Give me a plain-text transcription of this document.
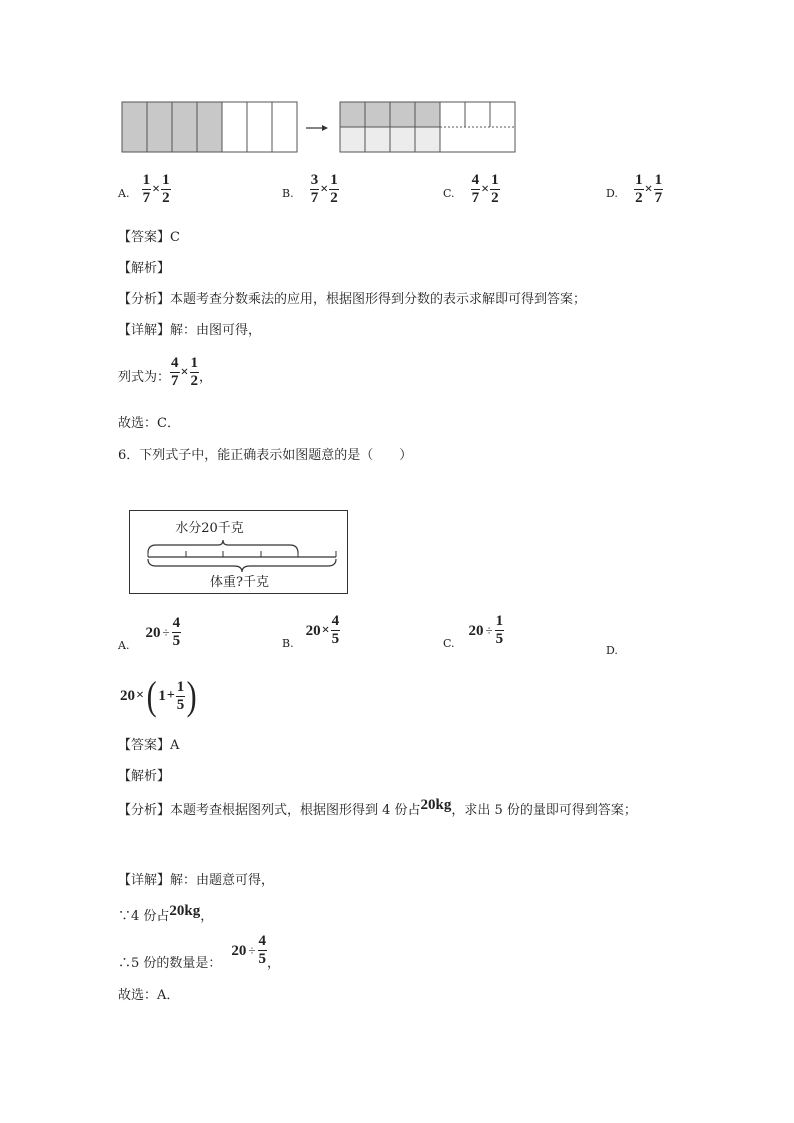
$_{A.} \frac{1}{7} \times \frac{1}{2}$	$_{B.} \frac{3}{7} \times \frac{1}{2}$	$_{C.} \frac{4}{7} \times \frac{1}{2}$	$_{D.} \frac{1}{2} \times \frac{1}{7}$
【答案】C
【解析】
【分析】本题考查分数乘法的应用，根据图形得到分数的表示求解即可得到答案；
【详解】解：由图可得，
列式为： $\frac{4}{7} \times \frac{1}{2}$ ，
故选：C．
6．下列式子中，能正确表示如图题意的是（　　）
水分20千克
体重?千克
A.
$20 \div \frac{4}{5}$	B.
$20 \times \frac{4}{5}$	C.
$20 \div \frac{1}{5}$
D.
20 × ( $1 + \frac{1}{5}$ )
【答案】A
【解析】
【分析】本题考查根据图列式，根据图形得到 4 份占 20kg ，求出 5 份的量即可得到答案；
【详解】解：由题意可得，
∵4 份占 20kg ，
∴5 份的数量是：
$20 \div \frac{4}{5}$ ，
故选：A．
